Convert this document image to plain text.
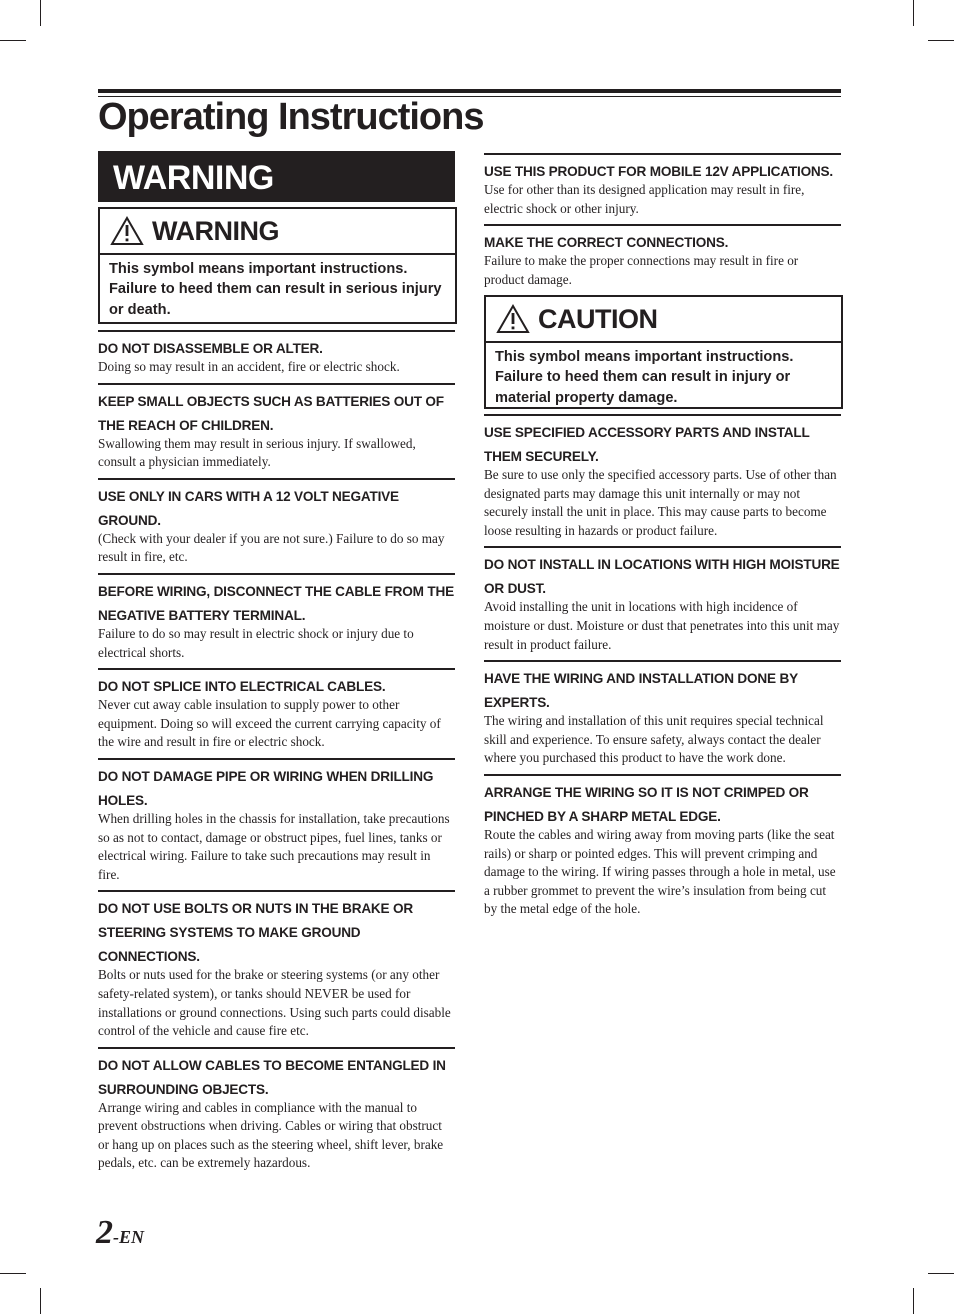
Operating Instructions
WARNING
WARNING
This symbol means important instructions. Failure to heed them can result in serious injury or death.
DO NOT DISASSEMBLE OR ALTER.

Doing so may result in an accident, fire or electric shock.

KEEP SMALL OBJECTS SUCH AS BATTERIES OUT OF THE REACH OF CHILDREN.

Swallowing them may result in serious injury. If swallowed, consult a physician immediately.

USE ONLY IN CARS WITH A 12 VOLT NEGATIVE GROUND.

(Check with your dealer if you are not sure.) Failure to do so may result in fire, etc.

BEFORE WIRING, DISCONNECT THE CABLE FROM THE NEGATIVE BATTERY TERMINAL.

Failure to do so may result in electric shock or injury due to electrical shorts.

DO NOT SPLICE INTO ELECTRICAL CABLES.

Never cut away cable insulation to supply power to other equipment. Doing so will exceed the current carrying capacity of the wire and result in fire or electric shock.

DO NOT DAMAGE PIPE OR WIRING WHEN DRILLING HOLES.

When drilling holes in the chassis for installation, take precautions so as not to contact, damage or obstruct pipes, fuel lines, tanks or electrical wiring. Failure to take such precautions may result in fire.

DO NOT USE BOLTS OR NUTS IN THE BRAKE OR STEERING SYSTEMS TO MAKE GROUND CONNECTIONS.

Bolts or nuts used for the brake or steering systems (or any other safety-related system), or tanks should NEVER be used for installations or ground connections. Using such parts could disable control of the vehicle and cause fire etc.

DO NOT ALLOW CABLES TO BECOME ENTANGLED IN SURROUNDING OBJECTS.

Arrange wiring and cables in compliance with the manual to prevent obstructions when driving. Cables or wiring that obstruct or hang up on places such as the steering wheel, shift lever, brake pedals, etc. can be extremely hazardous.

USE THIS PRODUCT FOR MOBILE 12V APPLICATIONS.

Use for other than its designed application may result in fire, electric shock or other injury.

MAKE THE CORRECT CONNECTIONS.

Failure to make the proper connections may result in fire or product damage.

CAUTION
This symbol means important instructions. Failure to heed them can result in injury or material property damage.
USE SPECIFIED ACCESSORY PARTS AND INSTALL THEM SECURELY.

Be sure to use only the specified accessory parts. Use of other than designated parts may damage this unit internally or may not securely install the unit in place. This may cause parts to become loose resulting in hazards or product failure.

DO NOT INSTALL IN LOCATIONS WITH HIGH MOISTURE OR DUST.

Avoid installing the unit in locations with high incidence of moisture or dust. Moisture or dust that penetrates into this unit may result in product failure.

HAVE THE WIRING AND INSTALLATION DONE BY EXPERTS.

The wiring and installation of this unit requires special technical skill and experience. To ensure safety, always contact the dealer where you purchased this product to have the work done.

ARRANGE THE WIRING SO IT IS NOT CRIMPED OR PINCHED BY A SHARP METAL EDGE.

Route the cables and wiring away from moving parts (like the seat rails) or sharp or pointed edges. This will prevent crimping and damage to the wiring. If wiring passes through a hole in metal, use a rubber grommet to prevent the wire’s insulation from being cut by the metal edge of the hole.

2-EN
